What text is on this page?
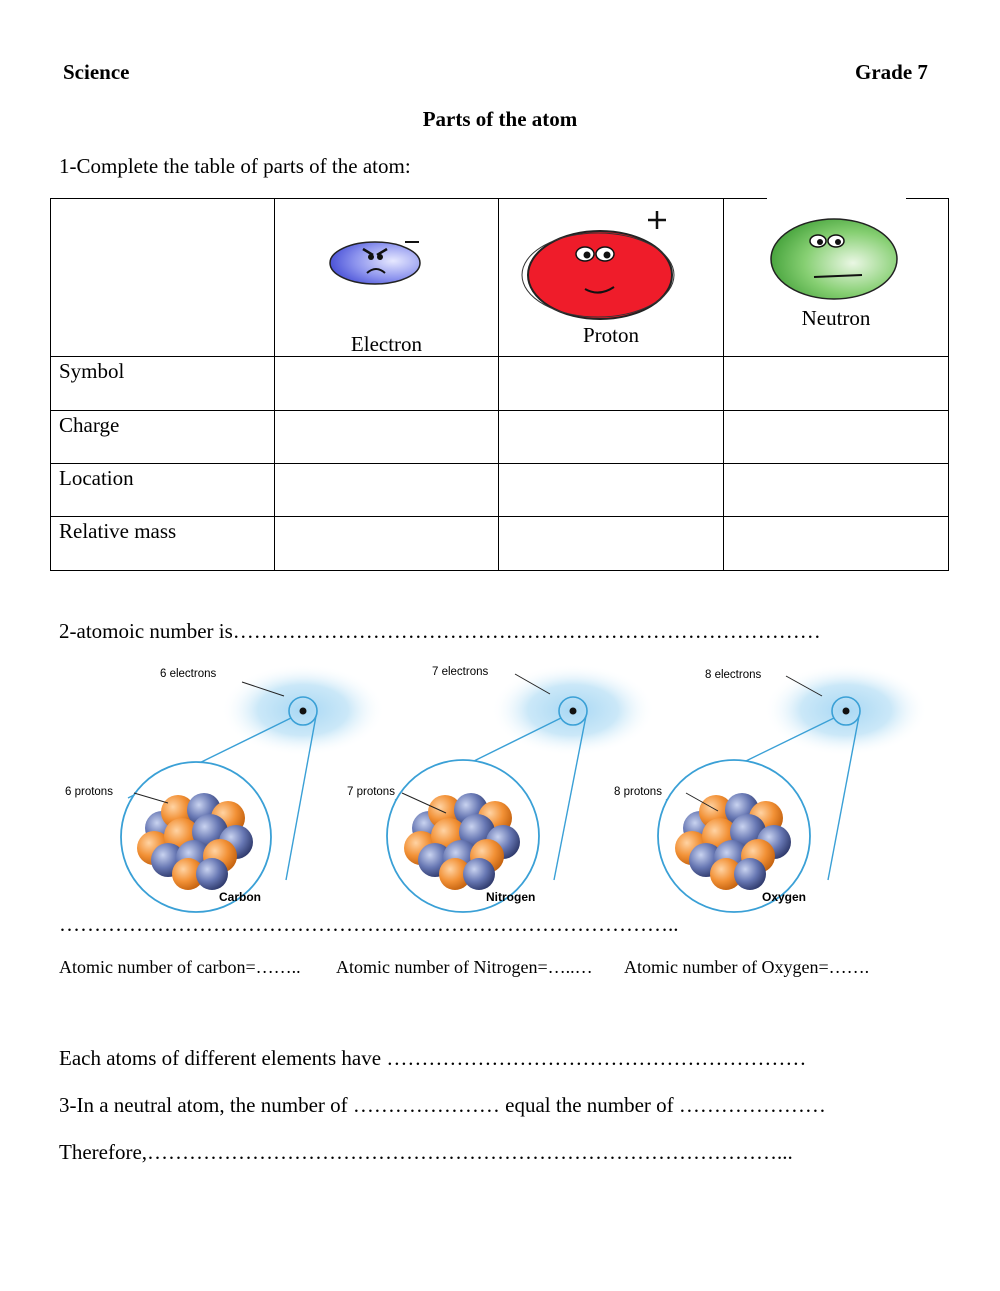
Science	Grade 7
Parts of the atom
1-Complete the table of parts of the atom:

	Electron	Proton	Neutron

Symbol			
Charge			
Location			
Relative mass			
2-atomoic number is…………………………………………………………………………
6 electrons
6 protons
Carbon
7 electrons
7 protons
Nitrogen
8 electrons
8 protons
Oxygen
……………………………………………………………………………..
Atomic number of carbon=…….. Atomic number of Nitrogen=…..… Atomic number of Oxygen=…….
Each atoms of different elements have ……………………………………………………
3-In a neutral atom, the number of ………………… equal the number of …………………
Therefore,………………………………………………………………………………...
